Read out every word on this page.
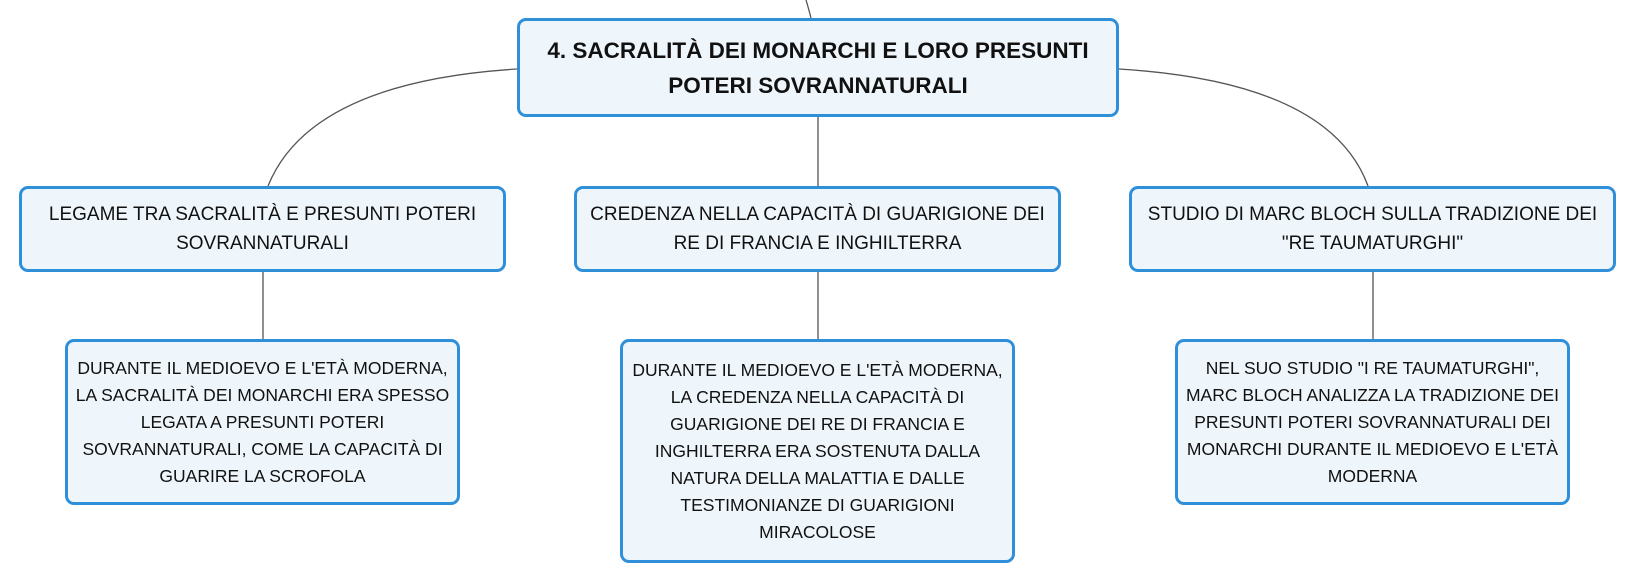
4. SACRALITÀ DEI MONARCHI E LORO PRESUNTI POTERI SOVRANNATURALI
LEGAME TRA SACRALITÀ E PRESUNTI POTERI SOVRANNATURALI
CREDENZA NELLA CAPACITÀ DI GUARIGIONE DEI RE DI FRANCIA E INGHILTERRA
STUDIO DI MARC BLOCH SULLA TRADIZIONE DEI "RE TAUMATURGHI"
DURANTE IL MEDIOEVO E L'ETÀ MODERNA, LA SACRALITÀ DEI MONARCHI ERA SPESSO LEGATA A PRESUNTI POTERI SOVRANNATURALI, COME LA CAPACITÀ DI GUARIRE LA SCROFOLA
DURANTE IL MEDIOEVO E L'ETÀ MODERNA, LA CREDENZA NELLA CAPACITÀ DI GUARIGIONE DEI RE DI FRANCIA E INGHILTERRA ERA SOSTENUTA DALLA NATURA DELLA MALATTIA E DALLE TESTIMONIANZE DI GUARIGIONI MIRACOLOSE
NEL SUO STUDIO "I RE TAUMATURGHI", MARC BLOCH ANALIZZA LA TRADIZIONE DEI PRESUNTI POTERI SOVRANNATURALI DEI MONARCHI DURANTE IL MEDIOEVO E L'ETÀ MODERNA
